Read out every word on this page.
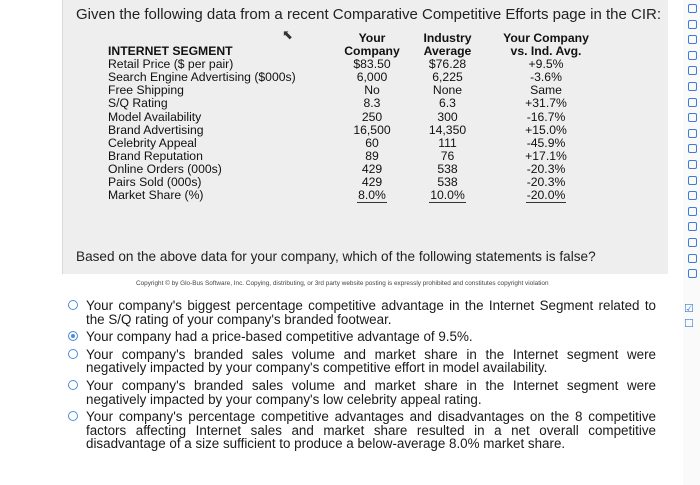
Given the following data from a recent Comparative Competitive Efforts page in the CIR:
⬉
		Your	Industry	Your Company
INTERNET SEGMENT	Company	Average	vs. Ind. Avg.
Retail Price ($ per pair)	$83.50	$76.28	+9.5%
Search Engine Advertising ($000s)	6,000	6,225	-3.6%
Free Shipping	No	None	Same
S/Q Rating	8.3	6.3	+31.7%
Model Availability	250	300	-16.7%
Brand Advertising	16,500	14,350	+15.0%
Celebrity Appeal	60	111	-45.9%
Brand Reputation	89	76	+17.1%
Online Orders (000s)	429	538	-20.3%
Pairs Sold (000s)	429	538	-20.3%
Market Share (%)	8.0%	10.0%	-20.0%
Based on the above data for your company, which of the following statements is false?
Copyright © by Glo-Bus Software, Inc. Copying, distributing, or 3rd party website posting is expressly prohibited and constitutes copyright violation
Your company's biggest percentage competitive advantage in the Internet Segment related to the S/Q rating of your company's branded footwear.
Your company had a price-based competitive advantage of 9.5%.
Your company's branded sales volume and market share in the Internet segment were negatively impacted by your company's competitive effort in model availability.
Your company's branded sales volume and market share in the Internet segment were negatively impacted by your company's low celebrity appeal rating.
Your company's percentage competitive advantages and disadvantages on the 8 competitive factors affecting Internet sales and market share resulted in a net overall competitive disadvantage of a size sufficient to produce a below-average 8.0% market share.
☑
☐
